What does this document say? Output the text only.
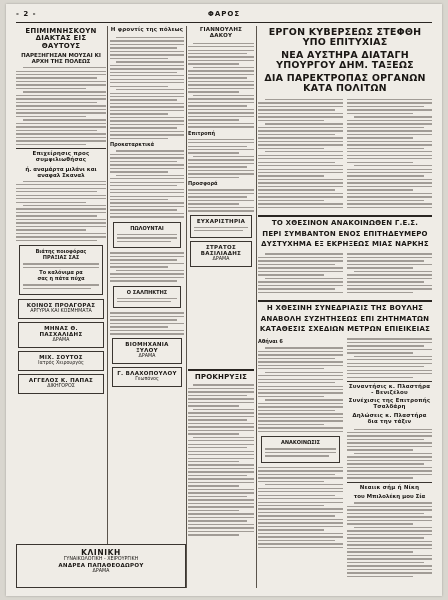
- 2 -	ΦΑΡΟΣ
ΕΠΙΜΙΜΝΗΣΚΟΥΝ ΔΙΑΚΤΑΣ ΕΙΣ ΘΑΥΤΟΥΣ
ΠΑΡΕΞΗΓΗΣΑΝ ΜΟΥΣΑΙ ΚΙ ΑΡΧΗ ΤΗΣ ΠΟΛΕΩΣ
Επιχείρησις προς συμφιλιωθήσας
ή. αναμάρτα μιλάνι και αναφαλ Σκαναλ
Βιάτης ποιοφόρας
ΠΡΑΞΙΑΣ ΣΑΣ
Το καλόνιμα ρα
σας η πάτα πύχα
ΚΟΙΝΟΣ ΠΡΟΑΓΟΡΑΣ
ΑΡΓΥΡΙΑ ΚΑΙ ΚΟΣΜΗΜΑΤΑ
ΜΗΝΑΣ Θ. ΠΑΣΧΑΛΙΔΗΣ
ΔΡΑΜΑ
ΜΙΧ. ΣΟΥΤΟΣ
Ιατρός Χειρουργός
ΑΓΓΕΛΟΣ Κ. ΠΑΠΑΣ
ΔΙΚΗΓΟΡΟΣ
Η φροντίς της πόλεως
Προκαταρκτικά
ΠΩΛΟΥΝΤΑΙ
Ο ΣΑΛΠΗΚΤΗΣ
ΒΙΟΜΗΧΑΝΙΑ ΞΥΛΟΥ
ΔΡΑΜΑ
Γ. ΒΛΑΧΟΠΟΥΛΟΥ
Γεωπόνος
ΓΙΑΝΝΟΥΛΗΣ ΔΑΚΟΥ
Επιτροπή
Προσφορά
ΕΥΧΑΡΙΣΤΗΡΙΑ
ΣΤΡΑΤΟΣ ΒΑΣΙΛΙΑΔΗΣ
ΔΡΑΜΑ
ΠΡΟΚΗΡΥΞΙΣ
ΚΛΙΝΙΚΗ
ΓΥΝΑΙΚΟΛΟΓΙΚΗ - ΧΕΙΡΟΥΡΓΙΚΗ
ΑΝΔΡΕΑ ΠΑΠΑΘΕΟΔΩΡΟΥ
ΔΡΑΜΑ
ΕΡΓΟΝ ΚΥΒΕΡΣΕΩΣ ΣΤΕΦΘΗ ΥΠΟ ΕΠΙΤΥΧΙΑΣ
ΝΕΑ ΑΥΣΤΗΡΑ ΔΙΑΤΑΓΗ ΥΠΟΥΡΓΟΥ ΔΗΜ. ΤΑΞΕΩΣ
ΔΙΑ ΠΑΡΕΚΤΡΟΠΑΣ ΟΡΓΑΝΩΝ ΚΑΤΑ ΠΟΛΙΤΩΝ
ΤΟ ΧΘΕΣΙΝΟΝ ΑΝΑΚΟΙΝΩΘΕΝ Γ.Ε.Σ.
ΠΕΡΙ ΣΥΜΒΑΝΤΟΝ ΕΝΟΣ ΕΠΙΤΗΔΕΥΜΕΡΟ
ΔΥΣΤΥΧΗΜΑ ΕΞ ΕΚΡΗΞΕΩΣ ΜΙΑΣ ΝΑΡΚΗΣ
Η ΧΘΕΣΙΝΗ ΣΥΝΕΔΡΙΑΣΙΣ ΤΗΣ ΒΟΥΛΗΣ
ΑΝΑΒΟΛΗ ΣΥΖΗΤΗΣΕΩΣ ΕΠΙ ΖΗΤΗΜΑΤΩΝ
ΚΑΤΑΘΕΣΙΣ ΣΧΕΔΙΩΝ ΜΕΤΡΩΝ ΕΠΙΕΙΚΕΙΑΣ
Αθήναι 6
ΑΝΑΚΟΙΝΩΣΙΣ
Συναντήσις κ. Πλαστήρα - Βενιζέλου
Συνέχισις της Επιτροπής Τσαλδάρη
Δηλώσεις κ. Πλαστήρα δια την τάξιν
Νεαιικ σήμ ή Νίκη
του Μπιλολέκη μου Σία
